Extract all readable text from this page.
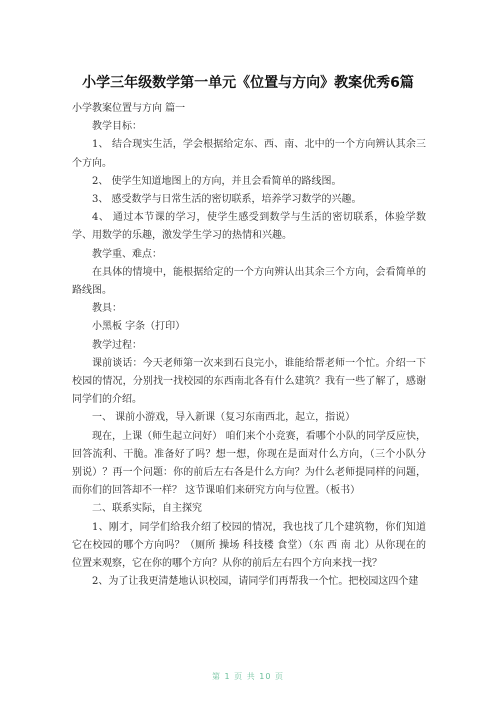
小学三年级数学第一单元《位置与方向》教案优秀6篇

小学教案位置与方向 篇一

教学目标：

1、 结合现实生活，学会根据给定东、西、南、北中的一个方向辨认其余三个方向。

2、 使学生知道地图上的方向，并且会看简单的路线图。

3、 感受数学与日常生活的密切联系，培养学习数学的兴趣。

4、 通过本节课的学习，使学生感受到数学与生活的密切联系，体验学数学、用数学的乐趣，激发学生学习的热情和兴趣。

教学重、难点：

在具体的情境中，能根据给定的一个方向辨认出其余三个方向，会看简单的路线图。

教具：

小黑板 字条（打印）

教学过程：

课前谈话：今天老师第一次来到石良完小，谁能给帮老师一个忙。介绍一下 校园的情况，分别找一找校园的东西南北各有什么建筑？我有一些了解了，感谢同学们的介绍。

一、 课前小游戏，导入新课（复习东南西北，起立，指说）

现在，上课（师生起立问好） 咱们来个小竞赛，看哪个小队的同学反应快，回答流利、干脆。准备好了吗？想一想，你现在是面对什么方向，（三个小队分别说）？再一个问题：你的前后左右各是什么方向？为什么老师提同样的问题，而你们的回答却不一样？ 这节课咱们来研究方向与位置。（板书）

二、联系实际，自主探究

1、刚才，同学们给我介绍了校园的情况，我也找了几个建筑物，你们知道它在校园的哪个方向吗？（厕所 操场 科技楼 食堂）（东 西 南 北）从你现在的位置来观察，它在你的哪个方向？从你的前后左右四个方向来找一找？

2、为了让我更清楚地认识校园，请同学们再帮我一个忙。把校园这四个建

第 1 页 共 10 页
